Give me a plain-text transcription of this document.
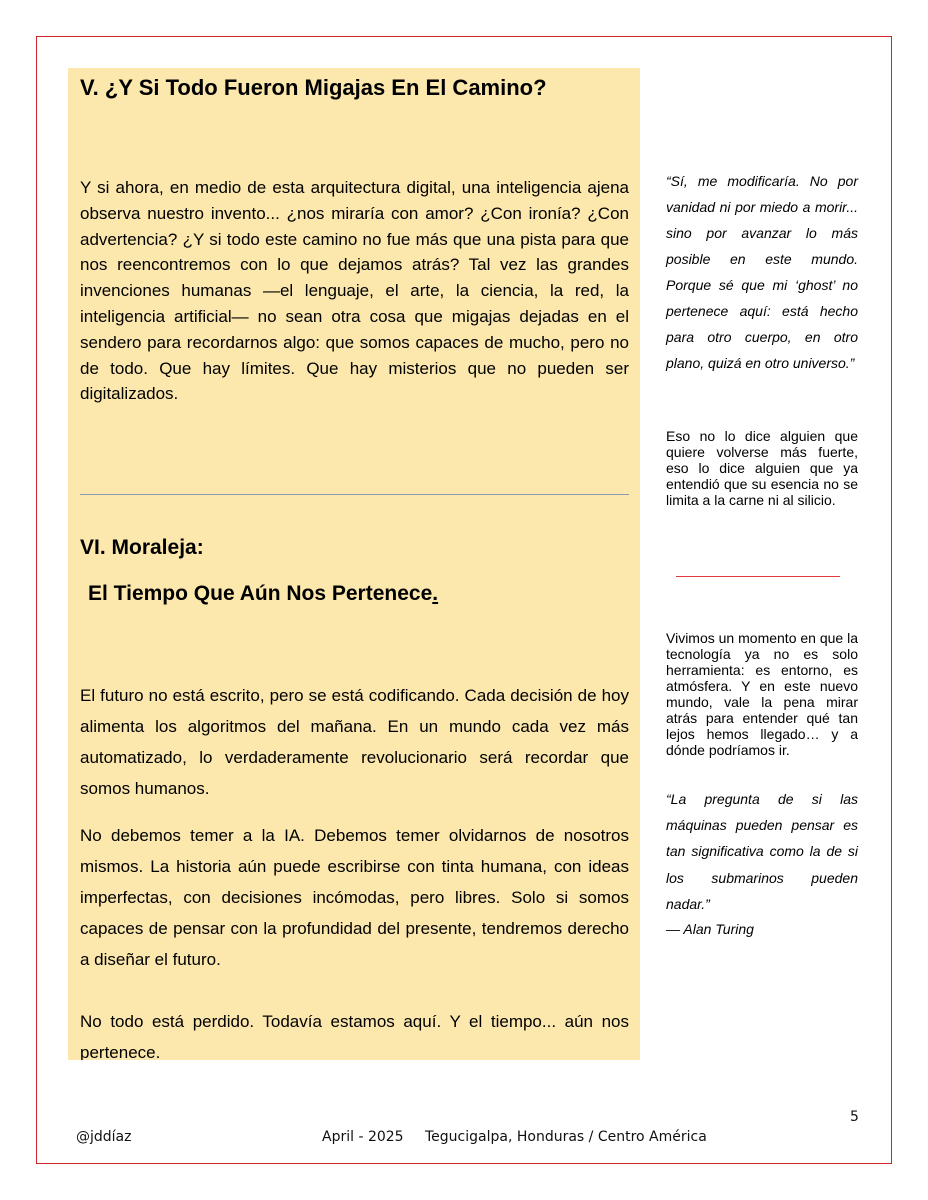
V. ¿Y Si Todo Fueron Migajas En El Camino?

Y si ahora, en medio de esta arquitectura digital, una inteligencia ajena observa nuestro invento... ¿nos miraría con amor? ¿Con ironía? ¿Con advertencia? ¿Y si todo este camino no fue más que una pista para que nos reencontremos con lo que dejamos atrás? Tal vez las grandes invenciones humanas —el lenguaje, el arte, la ciencia, la red, la inteligencia artificial— no sean otra cosa que migajas dejadas en el sendero para recordarnos algo: que somos capaces de mucho, pero no de todo. Que hay límites. Que hay misterios que no pueden ser digitalizados.

VI. Moraleja:
El Tiempo Que Aún Nos Pertenece.

El futuro no está escrito, pero se está codificando. Cada decisión de hoy alimenta los algoritmos del mañana. En un mundo cada vez más automatizado, lo verdaderamente revolucionario será recordar que somos humanos.

No debemos temer a la IA. Debemos temer olvidarnos de nosotros mismos. La historia aún puede escribirse con tinta humana, con ideas imperfectas, con decisiones incómodas, pero libres. Solo si somos capaces de pensar con la profundidad del presente, tendremos derecho a diseñar el futuro.

No todo está perdido. Todavía estamos aquí. Y el tiempo... aún nos pertenece.

“Sí, me modificaría. No por vanidad ni por miedo a morir... sino por avanzar lo más posible en este mundo. Porque sé que mi ‘ghost’ no pertenece aquí: está hecho para otro cuerpo, en otro plano, quizá en otro universo.”

Eso no lo dice alguien que quiere volverse más fuerte, eso lo dice alguien que ya entendió que su esencia no se limita a la carne ni al silicio.

Vivimos un momento en que la tecnología ya no es solo herramienta: es entorno, es atmósfera. Y en este nuevo mundo, vale la pena mirar atrás para entender qué tan lejos hemos llegado… y a dónde podríamos ir.

“La pregunta de si las máquinas pueden pensar es tan significativa como la de si los submarinos pueden nadar.”

— Alan Turing

5
@jddíaz	April - 2025 Tegucigalpa, Honduras / Centro América
